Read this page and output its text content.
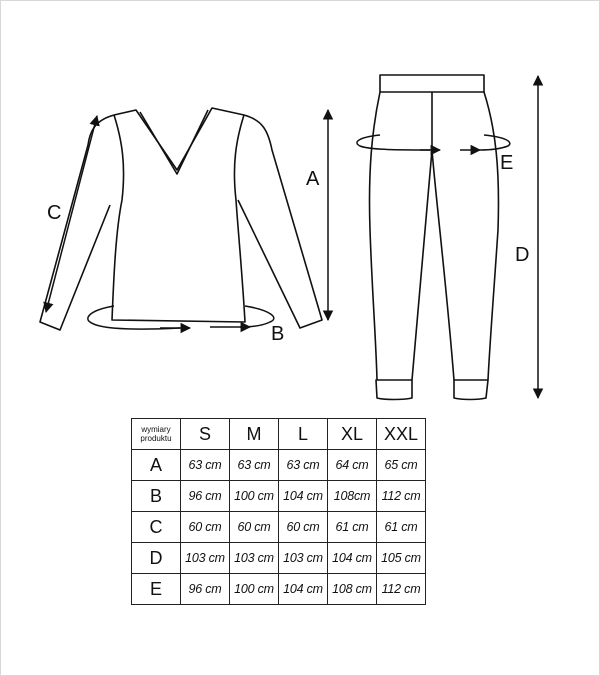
A
B
C
D
E
wymiary produktu	S	M	L	XL	XXL
A	63 cm	63 cm	63 cm	64 cm	65 cm
B	96 cm	100 cm	104 cm	108cm	112 cm
C	60 cm	60 cm	60 cm	61 cm	61 cm
D	103 cm	103 cm	103 cm	104 cm	105 cm
E	96 cm	100 cm	104 cm	108 cm	112 cm
